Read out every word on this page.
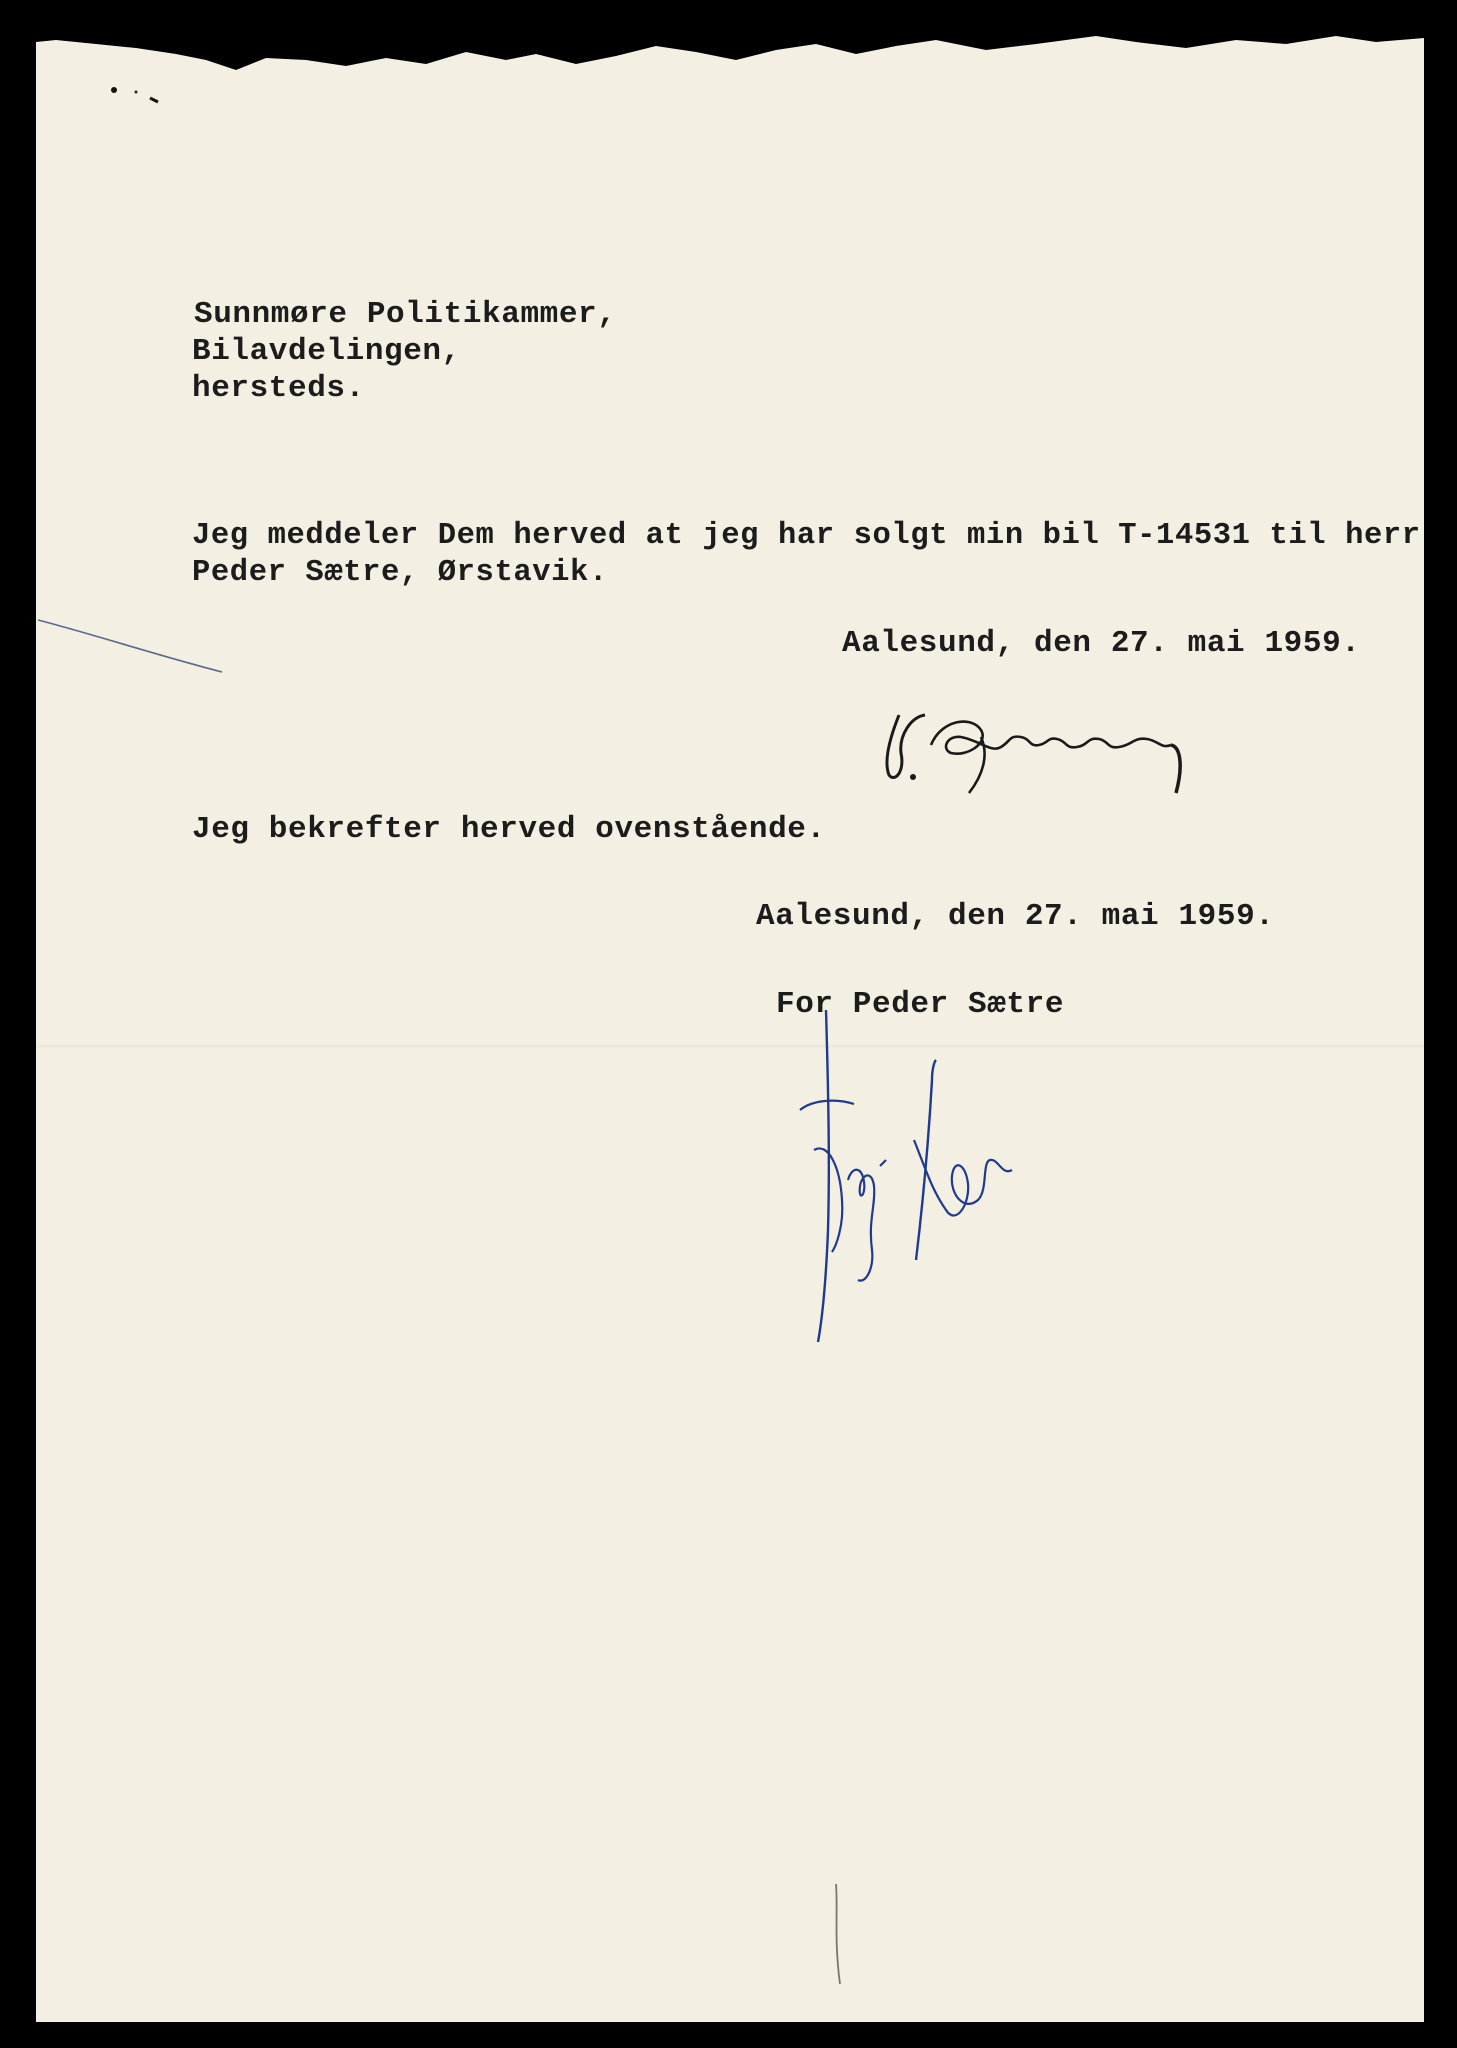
Sunnmøre Politikammer,
Bilavdelingen,
hersteds.
Jeg meddeler Dem herved at jeg har solgt min bil T-14531 til herr
Peder Sætre, Ørstavik.
Aalesund, den 27. mai 1959.
Jeg bekrefter herved ovenstående.
Aalesund, den 27. mai 1959.
For Peder Sætre
